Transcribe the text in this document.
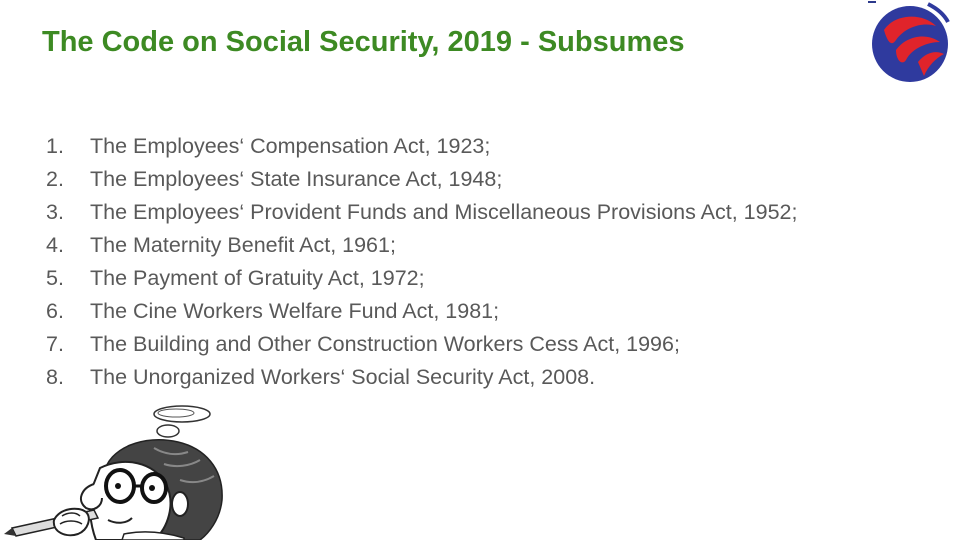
The Code on Social Security, 2019 - Subsumes
1.	The Employees‘ Compensation Act, 1923;
2.	The Employees‘ State Insurance Act, 1948;
3.	The Employees‘ Provident Funds and Miscellaneous Provisions Act, 1952;
4.	The Maternity Benefit Act, 1961;
5.	The Payment of Gratuity Act, 1972;
6.	The Cine Workers Welfare Fund Act, 1981;
7.	The Building and Other Construction Workers Cess Act, 1996;
8.	The Unorganized Workers‘ Social Security Act, 2008.
